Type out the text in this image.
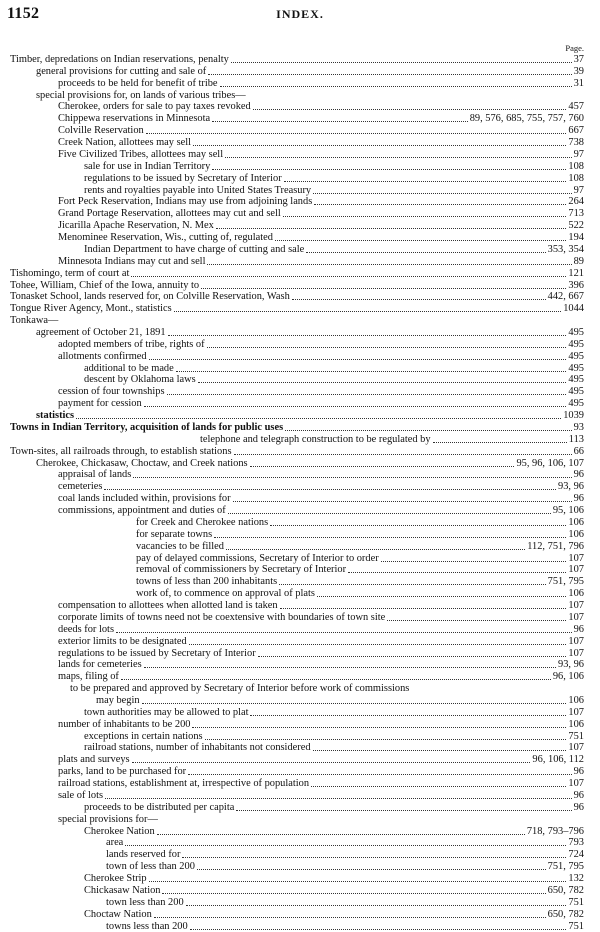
1152	INDEX.
Page.
Timber, depredations on Indian reservations, penalty	37
general provisions for cutting and sale of	39
proceeds to be held for benefit of tribe	31
special provisions for, on lands of various tribes—
Cherokee, orders for sale to pay taxes revoked	457
Chippewa reservations in Minnesota	89, 576, 685, 755, 757, 760
Colville Reservation	667
Creek Nation, allottees may sell	738
Five Civilized Tribes, allottees may sell	97
sale for use in Indian Territory	108
regulations to be issued by Secretary of Interior	108
rents and royalties payable into United States Treasury	97
Fort Peck Reservation, Indians may use from adjoining lands	264
Grand Portage Reservation, allottees may cut and sell	713
Jicarilla Apache Reservation, N. Mex	522
Menominee Reservation, Wis., cutting of, regulated	194
Indian Department to have charge of cutting and sale	353, 354
Minnesota Indians may cut and sell	89
Tishomingo, term of court at	121
Tohee, William, Chief of the Iowa, annuity to	396
Tonasket School, lands reserved for, on Colville Reservation, Wash	442, 667
Tongue River Agency, Mont., statistics	1044
Tonkawa—
agreement of October 21, 1891	495
adopted members of tribe, rights of	495
allotments confirmed	495
additional to be made	495
descent by Oklahoma laws	495
cession of four townships	495
payment for cession	495
statistics	1039
Towns in Indian Territory, acquisition of lands for public uses	93
telephone and telegraph construction to be regulated by	113
Town-sites, all railroads through, to establish stations	66
Cherokee, Chickasaw, Choctaw, and Creek nations	95, 96, 106, 107
appraisal of lands	96
cemeteries	93, 96
coal lands included within, provisions for	96
commissions, appointment and duties of	95, 106
for Creek and Cherokee nations	106
for separate towns	106
vacancies to be filled	112, 751, 796
pay of delayed commissions, Secretary of Interior to order	107
removal of commissioners by Secretary of Interior	107
towns of less than 200 inhabitants	751, 795
work of, to commence on approval of plats	106
compensation to allottees when allotted land is taken	107
corporate limits of towns need not be coextensive with boundaries of town site	107
deeds for lots	96
exterior limits to be designated	107
regulations to be issued by Secretary of Interior	107
lands for cemeteries	93, 96
maps, filing of	96, 106
to be prepared and approved by Secretary of Interior before work of commissions
may begin	106
town authorities may be allowed to plat	107
number of inhabitants to be 200	106
exceptions in certain nations	751
railroad stations, number of inhabitants not considered	107
plats and surveys	96, 106, 112
parks, land to be purchased for	96
railroad stations, establishment at, irrespective of population	107
sale of lots	96
proceeds to be distributed per capita	96
special provisions for—
Cherokee Nation	718, 793–796
area	793
lands reserved for	724
town of less than 200	751, 795
Cherokee Strip	132
Chickasaw Nation	650, 782
town less than 200	751
Choctaw Nation	650, 782
towns less than 200	751
